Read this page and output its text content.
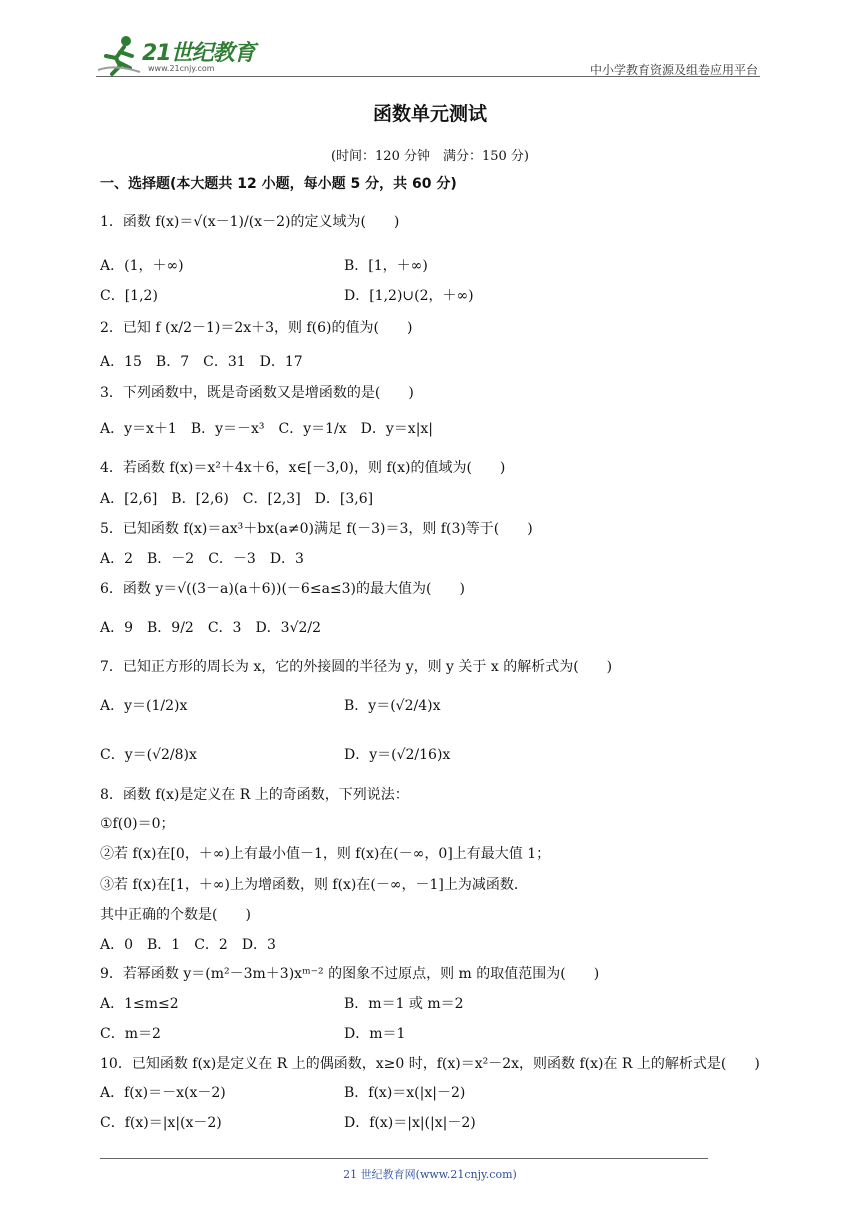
21世纪教育
www.21cnjy.com	中小学教育资源及组卷应用平台
函数单元测试
(时间：120 分钟　满分：150 分)
一、选择题(本大题共 12 小题，每小题 5 分，共 60 分)
1．函数 f(x)＝√(x－1)/(x－2)的定义域为(　　)
A．(1，＋∞)	B．[1，＋∞)
C．[1,2)	D．[1,2)∪(2，＋∞)
2．已知 f (x/2－1)＝2x＋3，则 f(6)的值为(　　)
A．15　B．7　C．31　D．17
3．下列函数中，既是奇函数又是增函数的是(　　)
A．y＝x＋1　B．y＝－x³　C．y＝1/x　D．y＝x|x|
4．若函数 f(x)＝x²＋4x＋6，x∈[－3,0)，则 f(x)的值域为(　　)
A．[2,6]　B．[2,6)　C．[2,3]　D．[3,6]
5．已知函数 f(x)＝ax³＋bx(a≠0)满足 f(－3)＝3，则 f(3)等于(　　)
A．2　B．－2　C．－3　D．3
6．函数 y＝√((3－a)(a＋6))(－6≤a≤3)的最大值为(　　)
A．9　B．9/2　C．3　D．3√2/2
7．已知正方形的周长为 x，它的外接圆的半径为 y，则 y 关于 x 的解析式为(　　)
A．y＝(1/2)x	B．y＝(√2/4)x
C．y＝(√2/8)x	D．y＝(√2/16)x
8．函数 f(x)是定义在 R 上的奇函数，下列说法：
①f(0)＝0；
②若 f(x)在[0，＋∞)上有最小值－1，则 f(x)在(－∞，0]上有最大值 1；
③若 f(x)在[1，＋∞)上为增函数，则 f(x)在(－∞，－1]上为减函数．
其中正确的个数是(　　)
A．0　B．1　C．2　D．3
9．若幂函数 y＝(m²－3m＋3)xᵐ⁻² 的图象不过原点，则 m 的取值范围为(　　)
A．1≤m≤2	B．m＝1 或 m＝2
C．m＝2	D．m＝1
10．已知函数 f(x)是定义在 R 上的偶函数，x≥0 时，f(x)＝x²－2x，则函数 f(x)在 R 上的解析式是(　　)
A．f(x)＝－x(x－2)	B．f(x)＝x(|x|－2)
C．f(x)＝|x|(x－2)	D．f(x)＝|x|(|x|－2)
21 世纪教育网(www.21cnjy.com)
